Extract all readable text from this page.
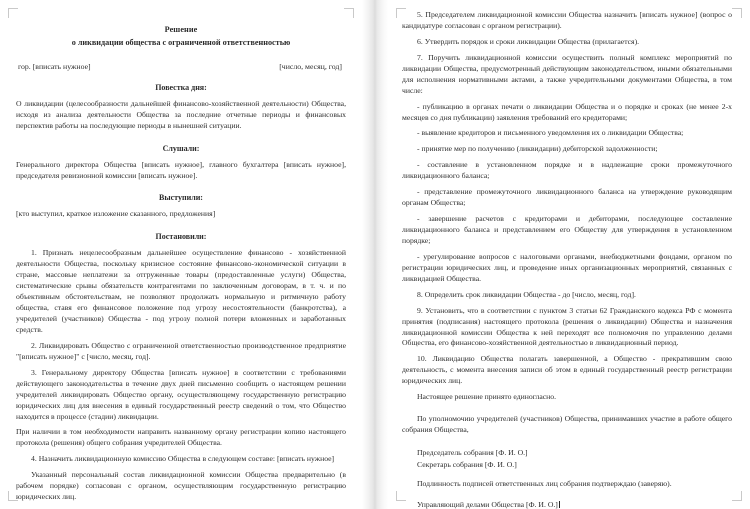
Решение
о ликвидации общества с ограниченной ответственностью
гор. [вписать нужное]	[число, месяц, год]
Повестка дня:

О ликвидации (целесообразности дальнейшей финансово-хозяйственной деятельности) Общества, исходя из анализа деятельности Общества за последние отчетные периоды и финансовых перспектив работы на последующие периоды в нынешней ситуации.

Слушали:

Генерального директора Общества [вписать нужное], главного бухгалтера [вписать нужное], председателя ревизионной комиссии [вписать нужное].

Выступили:

[кто выступил, краткое изложение сказанного, предложения]

Постановили:

1. Признать нецелесообразным дальнейшее осуществление финансово - хозяйственной деятельности Общества, поскольку кризисное состояние финансово-экономической ситуации в стране, массовые неплатежи за отгруженные товары (предоставленные услуги) Общества, систематические срывы обязательств контрагентами по заключенным договорам, в т. ч. и по объективным обстоятельствам, не позволяют продолжать нормальную и ритмичную работу общества, ставя его финансовое положение под угрозу несостоятельности (банкротства), а учредителей (участников) Общества - под угрозу полной потери вложенных и заработанных средств.

2. Ликвидировать Общество с ограниченной ответственностью производственное предприятие "[вписать нужное]" с [число, месяц, год].

3. Генеральному директору Общества [вписать нужное] в соответствии с требованиями действующего законодательства в течение двух дней письменно сообщить о настоящем решении учредителей ликвидировать Общество органу, осуществляющему государственную регистрацию юридических лиц для внесения в единый государственный реестр сведений о том, что Общество находится в процессе (стадии) ликвидации.

При наличии в том необходимости направить названному органу регистрации копию настоящего протокола (решения) общего собрания учредителей Общества.

4. Назначить ликвидационную комиссию Общества в следующем составе: [вписать нужное]

Указанный персональный состав ликвидационной комиссии Общества предварительно (в рабочем порядке) согласован с органом, осуществляющим государственную регистрацию юридических лиц.

5. Председателем ликвидационной комиссии Общества назначить [вписать нужное] (вопрос о кандидатуре согласован с органом регистрации).

6. Утвердить порядок и сроки ликвидации Общества (прилагается).

7. Поручить ликвидационной комиссии осуществить полный комплекс мероприятий по ликвидации Общества, предусмотренный действующим законодательством, иными обязательными для исполнения нормативными актами, а также учредительными документами Общества, в том числе:

- публикацию в органах печати о ликвидации Общества и о порядке и сроках (не менее 2-х месяцев со дня публикации) заявления требований его кредиторами;

- выявление кредиторов и письменного уведомления их о ликвидации Общества;

- принятие мер по получению (ликвидации) дебиторской задолженности;

- составление в установленном порядке и в надлежащие сроки промежуточного ликвидационного баланса;

- представление промежуточного ликвидационного баланса на утверждение руководящим органам Общества;

- завершение расчетов с кредиторами и дебиторами, последующее составление ликвидационного баланса и представлением его Обществу для утверждения в установленном порядке;

- урегулирование вопросов с налоговыми органами, внебюджетными фондами, органом по регистрации юридических лиц, и проведение иных организационных мероприятий, связанных с ликвидацией Общества.

8. Определить срок ликвидации Общества - до [число, месяц, год].

9. Установить, что в соответствии с пунктом 3 статьи 62 Гражданского кодекса РФ с момента принятия (подписания) настоящего протокола (решения о ликвидации) Общества и назначения ликвидационной комиссии Общества к ней переходят все полномочия по управлению делами Общества, его финансово-хозяйственной деятельностью в ликвидационный период.

10. Ликвидацию Общества полагать завершенной, а Общество - прекратившим свою деятельность, с момента внесения записи об этом в единый государственный реестр регистрации юридических лиц.

Настоящее решение принято единогласно.

По уполномочию учредителей (участников) Общества, принимавших участие в работе общего собрания Общества,

Председатель собрания [Ф. И. О.]

Секретарь собрания [Ф. И. О.]

Подлинность подписей ответственных лиц собрания подтверждаю (заверяю).

Управляющий делами Общества [Ф. И. О.]
